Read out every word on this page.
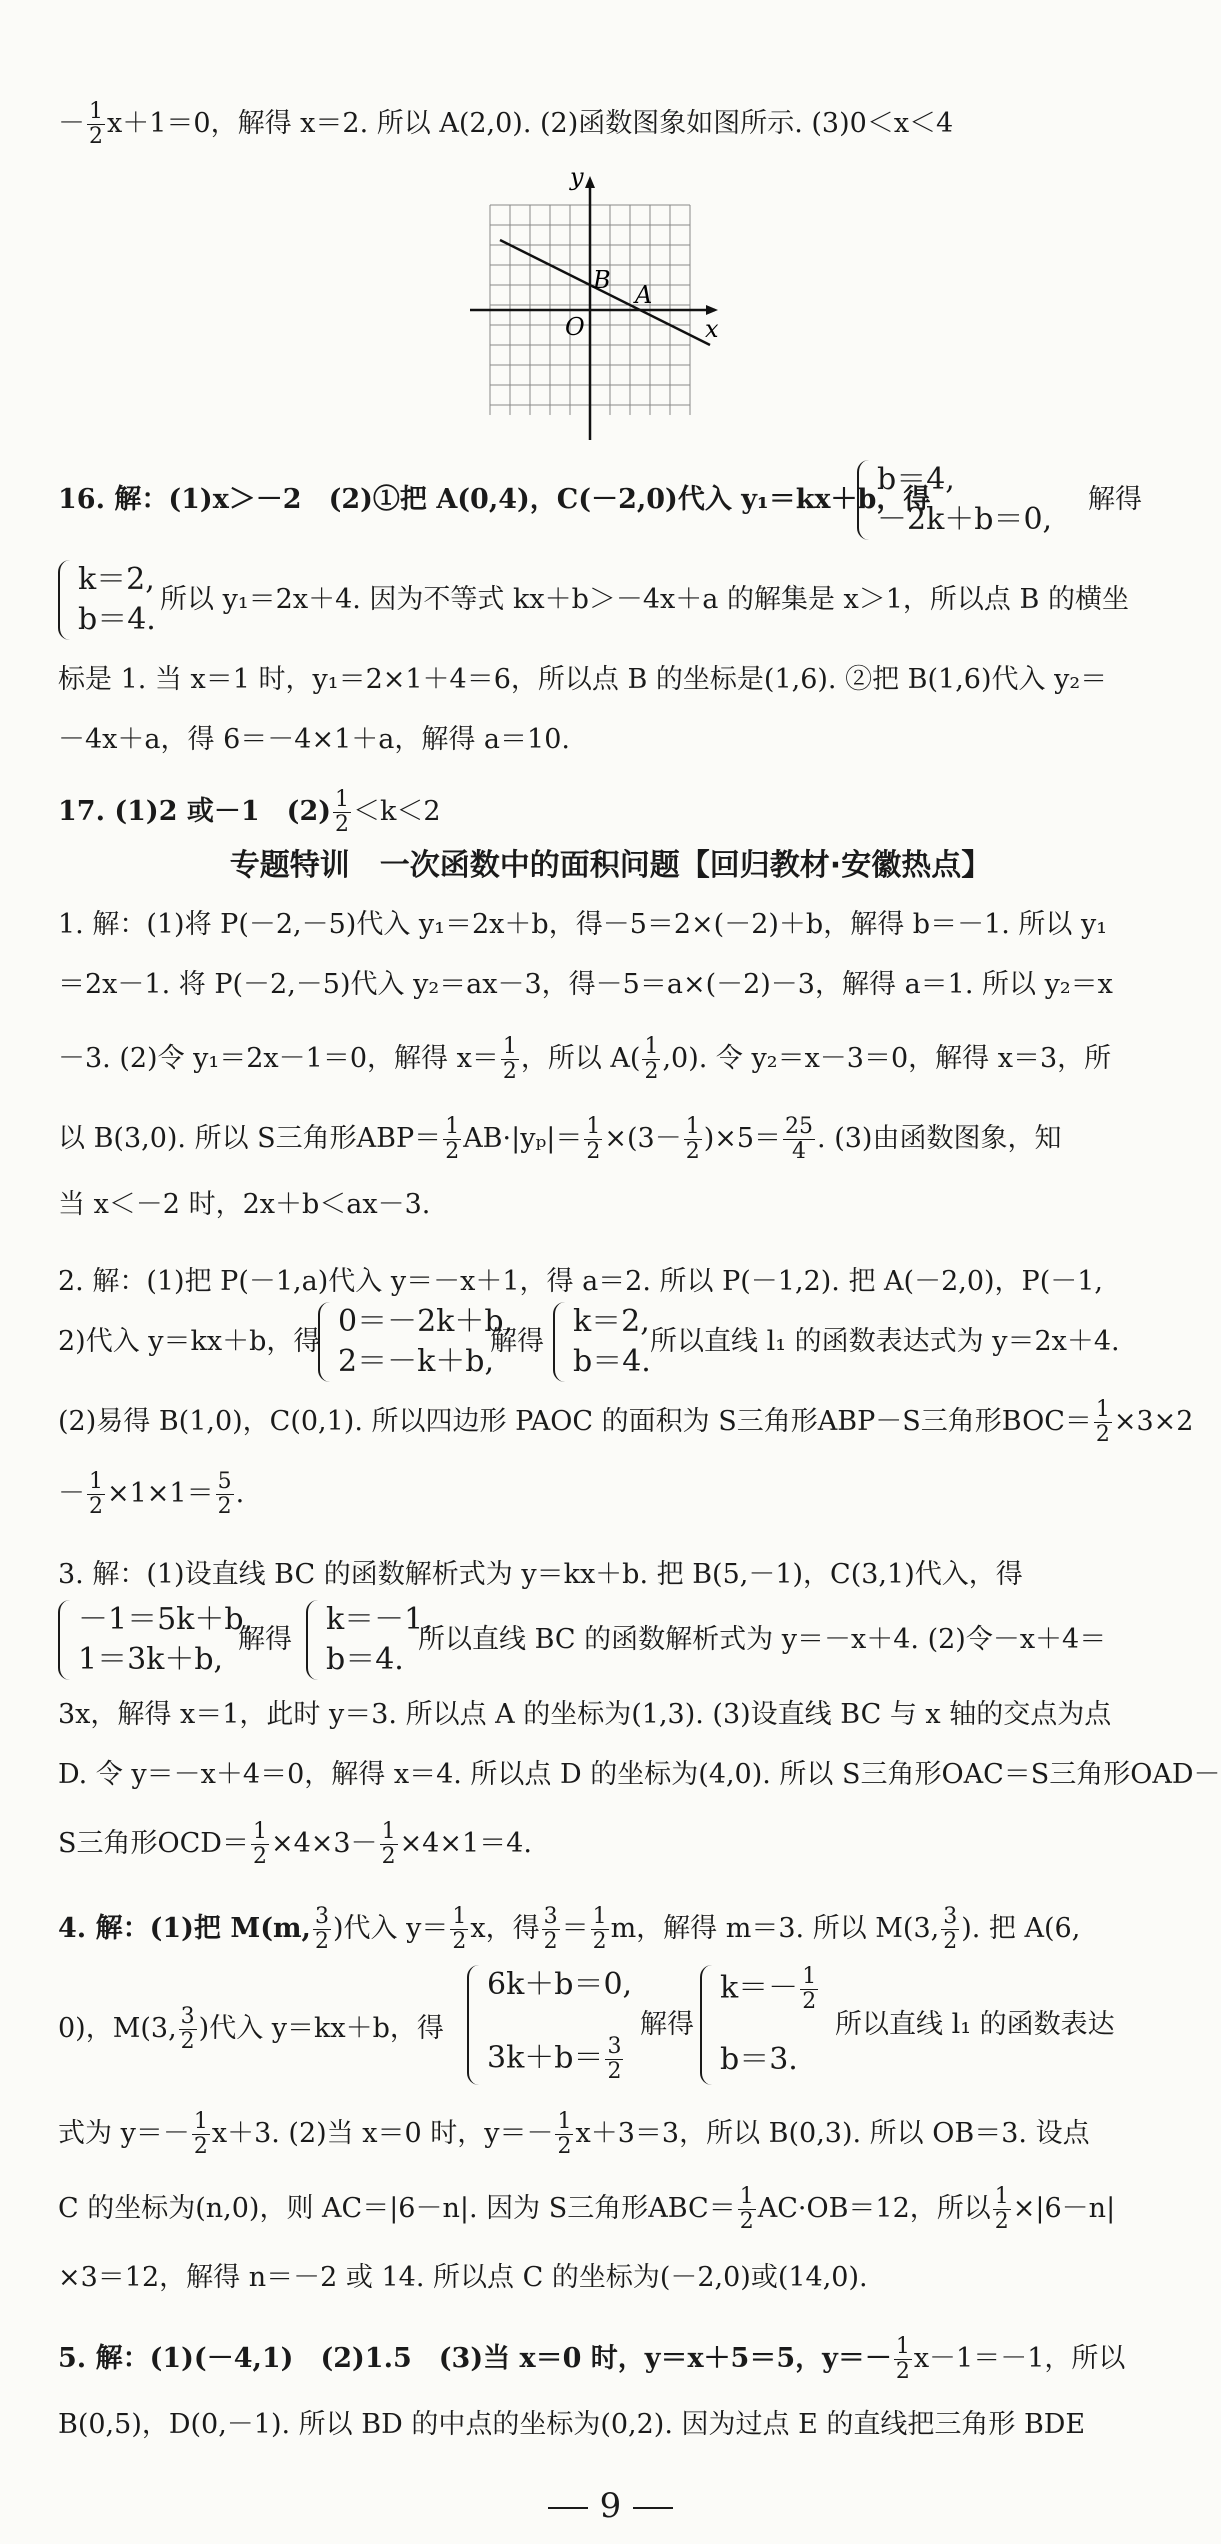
－ $\frac{1}{2} x+1=0$，解得 x＝2. 所以 A(2,0). (2)函数图象如图所示. (3)0＜x＜4
y
x
O
B
A
16. 解：(1)x＞－2　(2)①把 A(0,4)，C(－2,0)代入 y₁＝kx＋b，得
b＝4,
－2k＋b＝0,
解得
k＝2,
b＝4.
所以 y₁＝2x＋4. 因为不等式 kx＋b＞－4x＋a 的解集是 x＞1，所以点 B 的横坐
标是 1. 当 x＝1 时，y₁＝2×1＋4＝6，所以点 B 的坐标是(1,6). ②把 B(1,6)代入 y₂＝
－4x＋a，得 6＝－4×1＋a，解得 a＝10.
17. (1)2 或－1　$(2) \frac{1}{2} <k<2$
专题特训　一次函数中的面积问题【回归教材·安徽热点】
1. 解：(1)将 P(－2,－5)代入 y₁＝2x＋b，得－5＝2×(－2)＋b，解得 b＝－1. 所以 y₁
＝2x－1. 将 P(－2,－5)代入 y₂＝ax－3，得－5＝a×(－2)－3，解得 a＝1. 所以 y₂＝x
－3. (2)令 y₁＝2x－1＝0，解得 $x= \frac{1}{2}$ ，所以 $A( \frac{1}{2} ,0)$. 令 y₂＝x－3＝0，解得 x＝3，所
以 B(3,0). 所以 S三角形$ABP= \frac{1}{2} AB\cdot|y_p|= \frac{1}{2} \times(3- \frac{1}{2} )\times 5= \frac{25}{4}$ . (3)由函数图象，知
当 x＜－2 时，2x＋b＜ax－3.
2. 解：(1)把 P(－1,a)代入 y＝－x＋1，得 a＝2. 所以 P(－1,2). 把 A(－2,0)，P(－1,
2)代入 y＝kx＋b，得
0＝－2k＋b,
2＝－k＋b,
解得
k＝2,
b＝4.
所以直线 l₁ 的函数表达式为 y＝2x＋4.
(2)易得 B(1,0)，C(0,1). 所以四边形 PAOC 的面积为 S三角形ABP－S三角形$BOC= \frac{1}{2} \times 3\times 2$
－ $\frac{1}{2} \times 1\times 1= \frac{5}{2}$ .
3. 解：(1)设直线 BC 的函数解析式为 y＝kx＋b. 把 B(5,－1)，C(3,1)代入，得
－1＝5k＋b,
1＝3k＋b,
解得
k＝－1,
b＝4.
所以直线 BC 的函数解析式为 y＝－x＋4. (2)令－x＋4＝
3x，解得 x＝1，此时 y＝3. 所以点 A 的坐标为(1,3). (3)设直线 BC 与 x 轴的交点为点
D. 令 y＝－x＋4＝0，解得 x＝4. 所以点 D 的坐标为(4,0). 所以 S三角形OAC＝S三角形OAD－
S三角形$OCD= \frac{1}{2} \times 4\times 3- \frac{1}{2} \times 4\times 1=4$.
4. 解：(1)把 M(m, $\frac{3}{2}$ )代入 $y= \frac{1}{2}$ x，得 $\frac{3}{2} = \frac{1}{2}$ m，解得 m＝3. 所以 M(3, $\frac{3}{2}$ ). 把 A(6,
0)，M(3, $\frac{3}{2}$ )代入 y＝kx＋b，得
6k＋b＝0,
$3k+b= \frac{3}{2}$
解得
$k=- \frac{1}{2}$
b＝3.
所以直线 l₁ 的函数表达
式为 $y=- \frac{1}{2} x+3$. (2)当 x＝0 时，$y=- \frac{1}{2} x+3=3$，所以 B(0,3). 所以 OB＝3. 设点
C 的坐标为(n,0)，则 AC＝|6－n|. 因为 S三角形$ABC= \frac{1}{2} AC\cdot OB=12$，所以 $\frac{1}{2} \times|6-n|$
×3＝12，解得 n＝－2 或 14. 所以点 C 的坐标为(－2,0)或(14,0).
5. 解：(1)(－4,1)　(2)1.5　(3)当 x＝0 时，y＝x＋5＝5，$y=- \frac{1}{2} x-1=-1$，所以
B(0,5)，D(0,－1). 所以 BD 的中点的坐标为(0,2). 因为过点 E 的直线把三角形 BDE
9
